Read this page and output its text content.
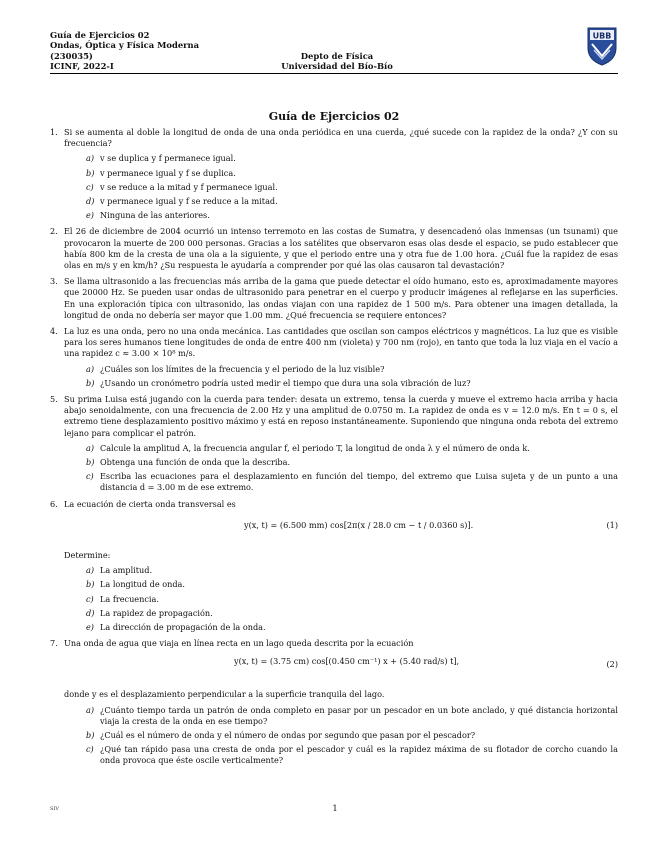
Guía de Ejercicios 02
Ondas, Óptica y Física Moderna
(230035)
ICINF, 2022-I
Depto de Física
Universidad del Bío-Bío
UBB
Guía de Ejercicios 02
1. Si se aumenta al doble la longitud de onda de una onda periódica en una cuerda, ¿qué sucede con la rapidez de la onda? ¿Y con su frecuencia?
a) v se duplica y f permanece igual.
b) v permanece igual y f se duplica.
c) v se reduce a la mitad y f permanece igual.
d) v permanece igual y f se reduce a la mitad.
e) Ninguna de las anteriores.
2. El 26 de diciembre de 2004 ocurrió un intenso terremoto en las costas de Sumatra, y desencadenó olas inmensas (un tsunami) que provocaron la muerte de 200 000 personas. Gracias a los satélites que observaron esas olas desde el espacio, se pudo establecer que había 800 km de la cresta de una ola a la siguiente, y que el periodo entre una y otra fue de 1.00 hora. ¿Cuál fue la rapidez de esas olas en m/s y en km/h? ¿Su respuesta le ayudaría a comprender por qué las olas causaron tal devastación?
3. Se llama ultrasonido a las frecuencias más arriba de la gama que puede detectar el oído humano, esto es, aproximadamente mayores que 20000 Hz. Se pueden usar ondas de ultrasonido para penetrar en el cuerpo y producir imágenes al reflejarse en las superficies. En una exploración típica con ultrasonido, las ondas viajan con una rapidez de 1 500 m/s. Para obtener una imagen detallada, la longitud de onda no debería ser mayor que 1.00 mm. ¿Qué frecuencia se requiere entonces?
4. La luz es una onda, pero no una onda mecánica. Las cantidades que oscilan son campos eléctricos y magnéticos. La luz que es visible para los seres humanos tiene longitudes de onda de entre 400 nm (violeta) y 700 nm (rojo), en tanto que toda la luz viaja en el vacío a una rapidez c ≈ 3.00 × 10⁸ m/s.
a) ¿Cuáles son los límites de la frecuencia y el periodo de la luz visible?
b) ¿Usando un cronómetro podría usted medir el tiempo que dura una sola vibración de luz?
5. Su prima Luisa está jugando con la cuerda para tender: desata un extremo, tensa la cuerda y mueve el extremo hacia arriba y hacia abajo senoidalmente, con una frecuencia de 2.00 Hz y una amplitud de 0.0750 m. La rapidez de onda es v = 12.0 m/s. En t = 0 s, el extremo tiene desplazamiento positivo máximo y está en reposo instantáneamente. Suponiendo que ninguna onda rebota del extremo lejano para complicar el patrón.
a) Calcule la amplitud A, la frecuencia angular f, el periodo T, la longitud de onda λ y el número de onda k.
b) Obtenga una función de onda que la describa.
c) Escriba las ecuaciones para el desplazamiento en función del tiempo, del extremo que Luisa sujeta y de un punto a una distancia d = 3.00 m de ese extremo.
6. La ecuación de cierta onda transversal es
y(x, t) = (6.500 mm) cos[2π(x / 28.0 cm − t / 0.0360 s)].	(1)
Determine:
a) La amplitud.
b) La longitud de onda.
c) La frecuencia.
d) La rapidez de propagación.
e) La dirección de propagación de la onda.
7. Una onda de agua que viaja en línea recta en un lago queda descrita por la ecuación
y(x, t) = (3.75 cm) cos[(0.450 cm⁻¹) x + (5.40 rad/s) t],	(2)
donde y es el desplazamiento perpendicular a la superficie tranquila del lago.
a) ¿Cuánto tiempo tarda un patrón de onda completo en pasar por un pescador en un bote anclado, y qué distancia horizontal viaja la cresta de la onda en ese tiempo?
b) ¿Cuál es el número de onda y el número de ondas por segundo que pasan por el pescador?
c) ¿Qué tan rápido pasa una cresta de onda por el pescador y cuál es la rapidez máxima de su flotador de corcho cuando la onda provoca que éste oscile verticalmente?
SIV	1
